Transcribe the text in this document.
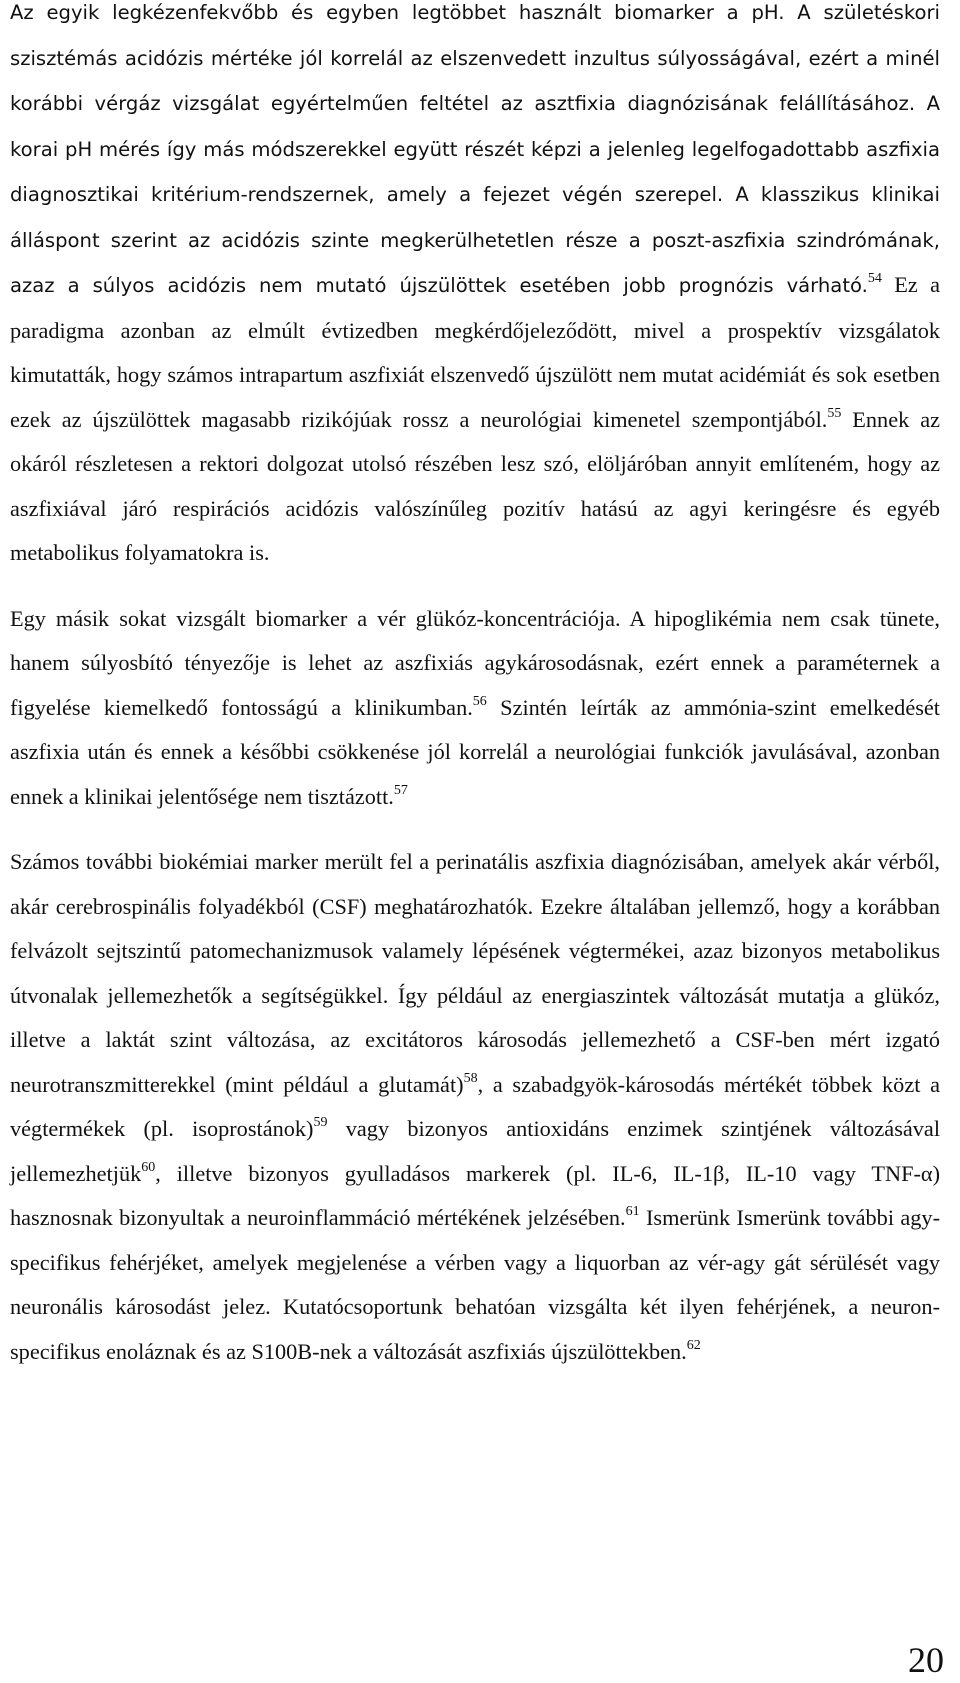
Az egyik legkézenfekvőbb és egyben legtöbbet használt biomarker a pH. A születéskori szisztémás acidózis mértéke jól korrelál az elszenvedett inzultus súlyosságával, ezért a minél korábbi vérgáz vizsgálat egyértelműen feltétel az asztfixia diagnózisának felállításához. A korai pH mérés így más módszerekkel együtt részét képzi a jelenleg legelfogadottabb aszfixia diagnosztikai kritérium-rendszernek, amely a fejezet végén szerepel. A klasszikus klinikai álláspont szerint az acidózis szinte megkerülhetetlen része a poszt-aszfixia szindrómának, azaz a súlyos acidózis nem mutató újszülöttek esetében jobb prognózis várható.$^{54}$ Ez a paradigma azonban az elmúlt évtizedben megkérdőjeleződött, mivel a prospektív vizsgálatok kimutatták, hogy számos intrapartum aszfixiát elszenvedő újszülött nem mutat acidémiát és sok esetben ezek az újszülöttek magasabb rizikójúak rossz a neurológiai kimenetel szempontjából.$^{55}$ Ennek az okáról részletesen a rektori dolgozat utolsó részében lesz szó, elöljáróban annyit említeném, hogy az aszfixiával járó respirációs acidózis valószínűleg pozitív hatású az agyi keringésre és egyéb metabolikus folyamatokra is.

Egy másik sokat vizsgált biomarker a vér glükóz-koncentrációja. A hipoglikémia nem csak tünete, hanem súlyosbító tényezője is lehet az aszfixiás agykárosodásnak, ezért ennek a paraméternek a figyelése kiemelkedő fontosságú a klinikumban.$^{56}$ Szintén leírták az ammónia-szint emelkedését aszfixia után és ennek a későbbi csökkenése jól korrelál a neurológiai funkciók javulásával, azonban ennek a klinikai jelentősége nem tisztázott.$^{57}$

Számos további biokémiai marker merült fel a perinatális aszfixia diagnózisában, amelyek akár vérből, akár cerebrospinális folyadékból (CSF) meghatározhatók. Ezekre általában jellemző, hogy a korábban felvázolt sejtszintű patomechanizmusok valamely lépésének végtermékei, azaz bizonyos metabolikus útvonalak jellemezhetők a segítségükkel. Így például az energiaszintek változását mutatja a glükóz, illetve a laktát szint változása, az excitátoros károsodás jellemezhető a CSF-ben mért izgató neurotranszmitterekkel (mint például a glutamát)$^{58}$, a szabadgyök-károsodás mértékét többek közt a végtermékek (pl. isoprostánok)$^{59}$ vagy bizonyos antioxidáns enzimek szintjének változásával jellemezhetjük$^{60}$, illetve bizonyos gyulladásos markerek (pl. IL-6, IL-1β, IL-10 vagy TNF-α) hasznosnak bizonyultak a neuroinflammáció mértékének jelzésében.$^{61}$ Ismerünk Ismerünk további agy-specifikus fehérjéket, amelyek megjelenése a vérben vagy a liquorban az vér-agy gát sérülését vagy neuronális károsodást jelez. Kutatócsoportunk behatóan vizsgálta két ilyen fehérjének, a neuron-specifikus enoláznak és az S100B-nek a változását aszfixiás újszülöttekben.$^{62}$

20
